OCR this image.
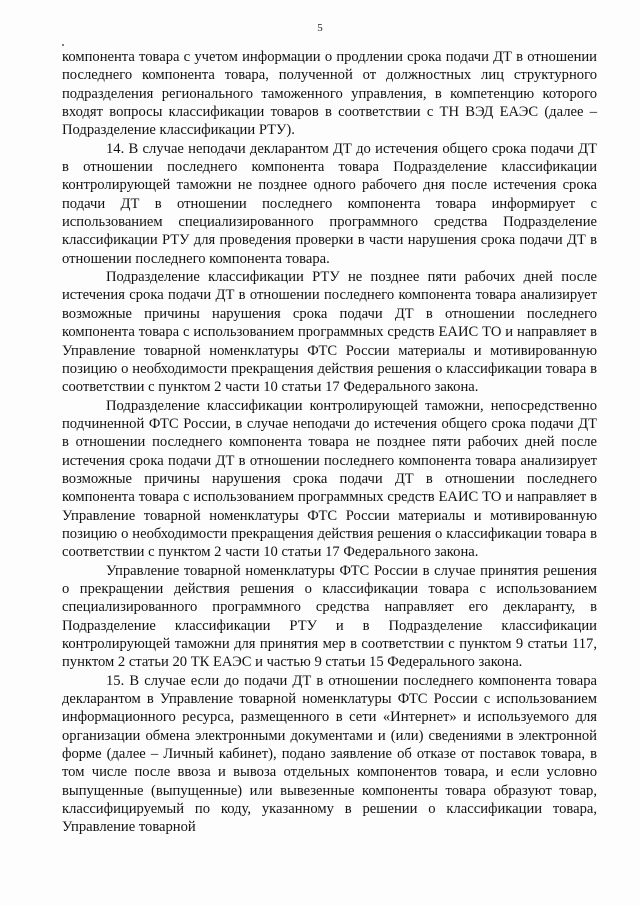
5

компонента товара с учетом информации о продлении срока подачи ДТ в отношении последнего компонента товара, полученной от должностных лиц структурного подразделения регионального таможенного управления, в компетенцию которого входят вопросы классификации товаров в соответствии с ТН ВЭД ЕАЭС (далее – Подразделение классификации РТУ).

14. В случае неподачи декларантом ДТ до истечения общего срока подачи ДТ в отношении последнего компонента товара Подразделение классификации контролирующей таможни не позднее одного рабочего дня после истечения срока подачи ДТ в отношении последнего компонента товара информирует с использованием специализированного программного средства Подразделение классификации РТУ для проведения проверки в части нарушения срока подачи ДТ в отношении последнего компонента товара.

Подразделение классификации РТУ не позднее пяти рабочих дней после истечения срока подачи ДТ в отношении последнего компонента товара анализирует возможные причины нарушения срока подачи ДТ в отношении последнего компонента товара с использованием программных средств ЕАИС ТО и направляет в Управление товарной номенклатуры ФТС России материалы и мотивированную позицию о необходимости прекращения действия решения о классификации товара в соответствии с пунктом 2 части 10 статьи 17 Федерального закона.

Подразделение классификации контролирующей таможни, непосредственно подчиненной ФТС России, в случае неподачи до истечения общего срока подачи ДТ в отношении последнего компонента товара не позднее пяти рабочих дней после истечения срока подачи ДТ в отношении последнего компонента товара анализирует возможные причины нарушения срока подачи ДТ в отношении последнего компонента товара с использованием программных средств ЕАИС ТО и направляет в Управление товарной номенклатуры ФТС России материалы и мотивированную позицию о необходимости прекращения действия решения о классификации товара в соответствии с пунктом 2 части 10 статьи 17 Федерального закона.

Управление товарной номенклатуры ФТС России в случае принятия решения о прекращении действия решения о классификации товара с использованием специализированного программного средства направляет его декларанту, в Подразделение классификации РТУ и в Подразделение классификации контролирующей таможни для принятия мер в соответствии с пунктом 9 статьи 117, пунктом 2 статьи 20 ТК ЕАЭС и частью 9 статьи 15 Федерального закона.

15. В случае если до подачи ДТ в отношении последнего компонента товара декларантом в Управление товарной номенклатуры ФТС России с использованием информационного ресурса, размещенного в сети «Интернет» и используемого для организации обмена электронными документами и (или) сведениями в электронной форме (далее – Личный кабинет), подано заявление об отказе от поставок товара, в том числе после ввоза и вывоза отдельных компонентов товара, и если условно выпущенные (выпущенные) или вывезенные компоненты товара образуют товар, классифицируемый по коду, указанному в решении о классификации товара, Управление товарной
